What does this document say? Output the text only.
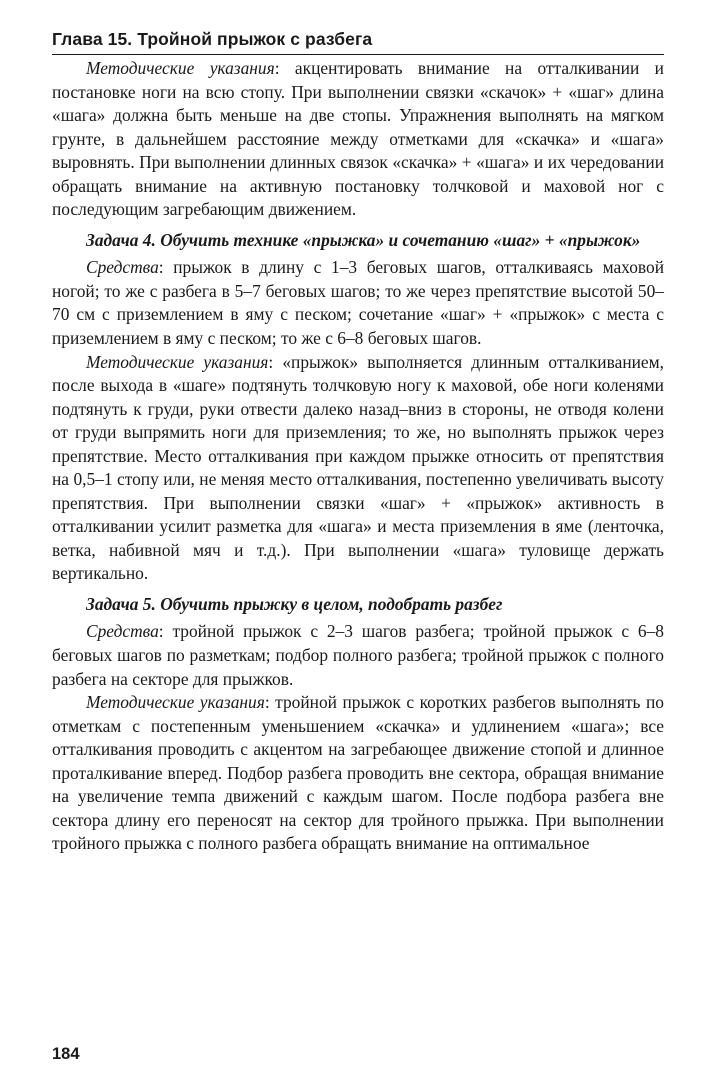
Глава 15. Тройной прыжок с разбега

Методические указания: акцентировать внимание на отталкивании и постановке ноги на всю стопу. При выполнении связки «скачок» + «шаг» длина «шага» должна быть меньше на две стопы. Упражнения выполнять на мягком грунте, в дальнейшем расстояние между отметками для «скачка» и «шага» выровнять. При выполнении длинных связок «скачка» + «шага» и их чередовании обращать внимание на активную постановку толчковой и маховой ног с последующим загребающим движением.

Задача 4. Обучить технике «прыжка» и сочетанию «шаг» + «прыжок»

Средства: прыжок в длину с 1–3 беговых шагов, отталкиваясь маховой ногой; то же с разбега в 5–7 беговых шагов; то же через препятствие высотой 50–70 см с приземлением в яму с песком; сочетание «шаг» + «прыжок» с места с приземлением в яму с песком; то же с 6–8 беговых шагов.

Методические указания: «прыжок» выполняется длинным отталкиванием, после выхода в «шаге» подтянуть толчковую ногу к маховой, обе ноги коленями подтянуть к груди, руки отвести далеко назад–вниз в стороны, не отводя колени от груди выпрямить ноги для приземления; то же, но выполнять прыжок через препятствие. Место отталкивания при каждом прыжке относить от препятствия на 0,5–1 стопу или, не меняя место отталкивания, постепенно увеличивать высоту препятствия. При выполнении связки «шаг» + «прыжок» активность в отталкивании усилит разметка для «шага» и места приземления в яме (ленточка, ветка, набивной мяч и т.д.). При выполнении «шага» туловище держать вертикально.

Задача 5. Обучить прыжку в целом, подобрать разбег

Средства: тройной прыжок с 2–3 шагов разбега; тройной прыжок с 6–8 беговых шагов по разметкам; подбор полного разбега; тройной прыжок с полного разбега на секторе для прыжков.

Методические указания: тройной прыжок с коротких разбегов выполнять по отметкам с постепенным уменьшением «скачка» и удлинением «шага»; все отталкивания проводить с акцентом на загребающее движение стопой и длинное проталкивание вперед. Подбор разбега проводить вне сектора, обращая внимание на увеличение темпа движений с каждым шагом. После подбора разбега вне сектора длину его переносят на сектор для тройного прыжка. При выполнении тройного прыжка с полного разбега обращать внимание на оптимальное

184
